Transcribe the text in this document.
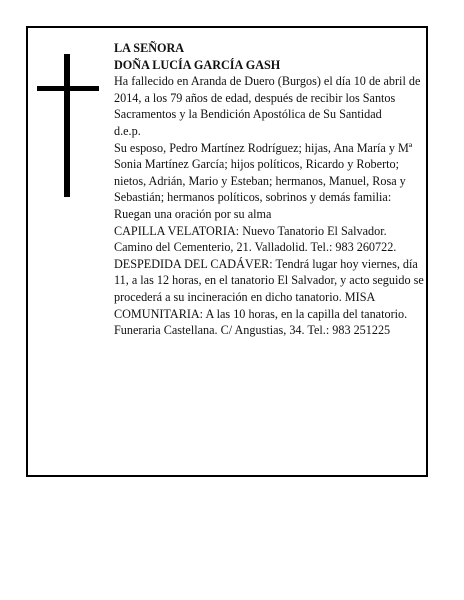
LA SEÑORA

DOÑA LUCÍA GARCÍA GASH

Ha fallecido en Aranda de Duero (Burgos) el día 10 de abril de 2014, a los 79 años de edad, después de recibir los Santos Sacramentos y la Bendición Apostólica de Su Santidad

d.e.p.

Su esposo, Pedro Martínez Rodríguez; hijas, Ana María y Mª Sonia Martínez García; hijos políticos, Ricardo y Roberto; nietos, Adrián, Mario y Esteban; hermanos, Manuel, Rosa y Sebastián; hermanos políticos, sobrinos y demás familia:

Ruegan una oración por su alma

CAPILLA VELATORIA: Nuevo Tanatorio El Salvador. Camino del Cementerio, 21. Valladolid. Tel.: 983 260722.

DESPEDIDA DEL CADÁVER: Tendrá lugar hoy viernes, día 11, a las 12 horas, en el tanatorio El Salvador, y acto seguido se procederá a su incineración en dicho tanatorio. MISA COMUNITARIA: A las 10 horas, en la capilla del tanatorio.

Funeraria Castellana. C/ Angustias, 34. Tel.: 983 251225
